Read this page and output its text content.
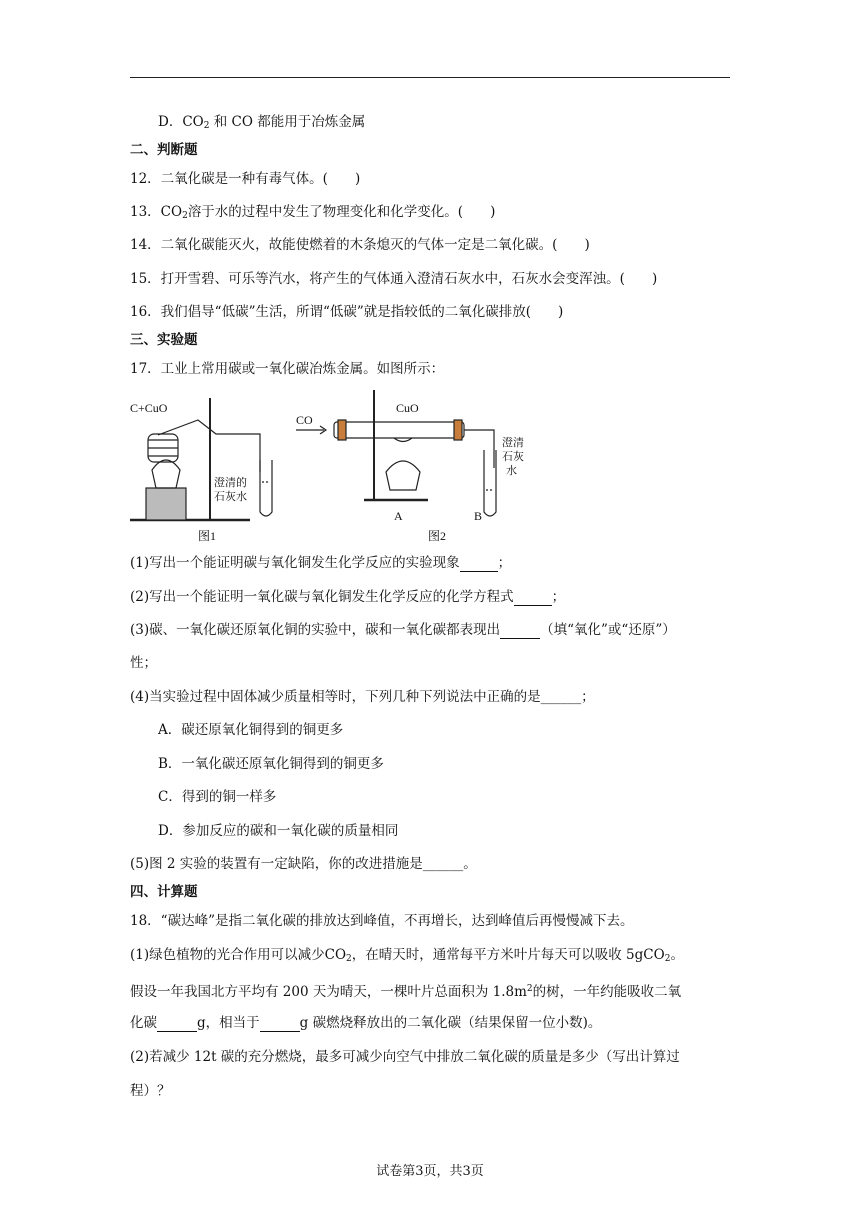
D．$CO_2$ 和 CO 都能用于冶炼金属
二、判断题
12．二氧化碳是一种有毒气体。(　　)
13．$CO_2$溶于水的过程中发生了物理变化和化学变化。(　　)
14．二氧化碳能灭火，故能使燃着的木条熄灭的气体一定是二氧化碳。(　　)
15．打开雪碧、可乐等汽水，将产生的气体通入澄清石灰水中，石灰水会变浑浊。(　　)
16．我们倡导“低碳”生活，所谓“低碳”就是指较低的二氧化碳排放(　　)
三、实验题
17．工业上常用碳或一氧化碳冶炼金属。如图所示：
C+CuO
澄清的
石灰水
图1
CO
CuO
澄清
石灰
水
A	B
图2
(1)写出一个能证明碳与氧化铜发生化学反应的实验现象	；
(2)写出一个能证明一氧化碳与氧化铜发生化学反应的化学方程式	；
(3)碳、一氧化碳还原氧化铜的实验中，碳和一氧化碳都表现出	（填“氧化”或“还原”）
性；
(4)当实验过程中固体减少质量相等时，下列几种下列说法中正确的是______；
A．碳还原氧化铜得到的铜更多
B．一氧化碳还原氧化铜得到的铜更多
C．得到的铜一样多
D．参加反应的碳和一氧化碳的质量相同
(5)图 2 实验的装置有一定缺陷，你的改进措施是______。
四、计算题
18．“碳达峰”是指二氧化碳的排放达到峰值，不再增长，达到峰值后再慢慢减下去。
(1)绿色植物的光合作用可以减少$CO_2$，在晴天时，通常每平方米叶片每天可以吸收 5gCO$_2$。
假设一年我国北方平均有 200 天为晴天，一棵叶片总面积为 $1.8m^2$的树，一年约能吸收二氧
化碳	g，相当于	g 碳燃烧释放出的二氧化碳（结果保留一位小数)。
(2)若减少 12t 碳的充分燃烧，最多可减少向空气中排放二氧化碳的质量是多少（写出计算过
程）？
试卷第3页，共3页
